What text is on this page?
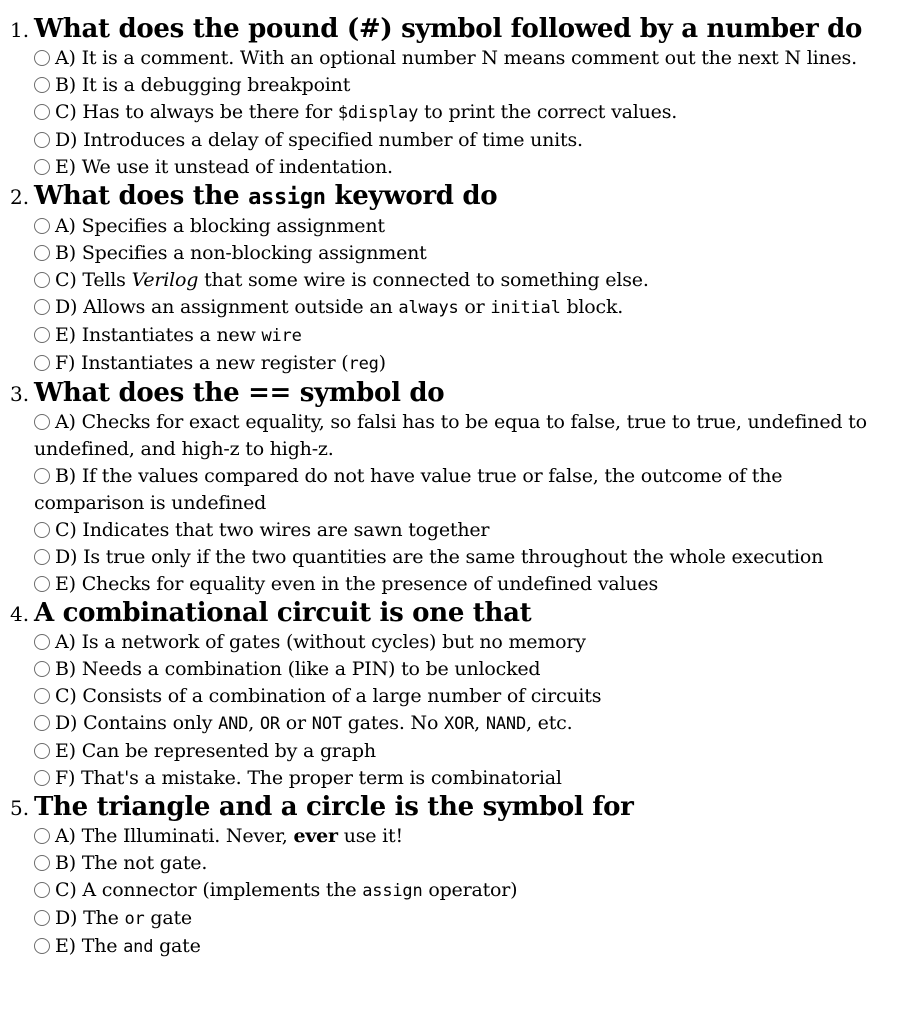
1. What does the pound (#) symbol followed by a number do
A) It is a comment. With an optional number N means comment out the next N lines.
B) It is a debugging breakpoint
C) Has to always be there for $display to print the correct values.
D) Introduces a delay of specified number of time units.
E) We use it unstead of indentation.
2. What does the assign keyword do
A) Specifies a blocking assignment
B) Specifies a non-blocking assignment
C) Tells Verilog that some wire is connected to something else.
D) Allows an assignment outside an always or initial block.
E) Instantiates a new wire
F) Instantiates a new register (reg)
3. What does the == symbol do
A) Checks for exact equality, so falsi has to be equa to false, true to true, undefined to undefined, and high-z to high-z.
B) If the values compared do not have value true or false, the outcome of the comparison is undefined
C) Indicates that two wires are sawn together
D) Is true only if the two quantities are the same throughout the whole execution
E) Checks for equality even in the presence of undefined values
4. A combinational circuit is one that
A) Is a network of gates (without cycles) but no memory
B) Needs a combination (like a PIN) to be unlocked
C) Consists of a combination of a large number of circuits
D) Contains only AND, OR or NOT gates. No XOR, NAND, etc.
E) Can be represented by a graph
F) That's a mistake. The proper term is combinatorial
5. The triangle and a circle is the symbol for
A) The Illuminati. Never, ever use it!
B) The not gate.
C) A connector (implements the assign operator)
D) The or gate
E) The and gate
